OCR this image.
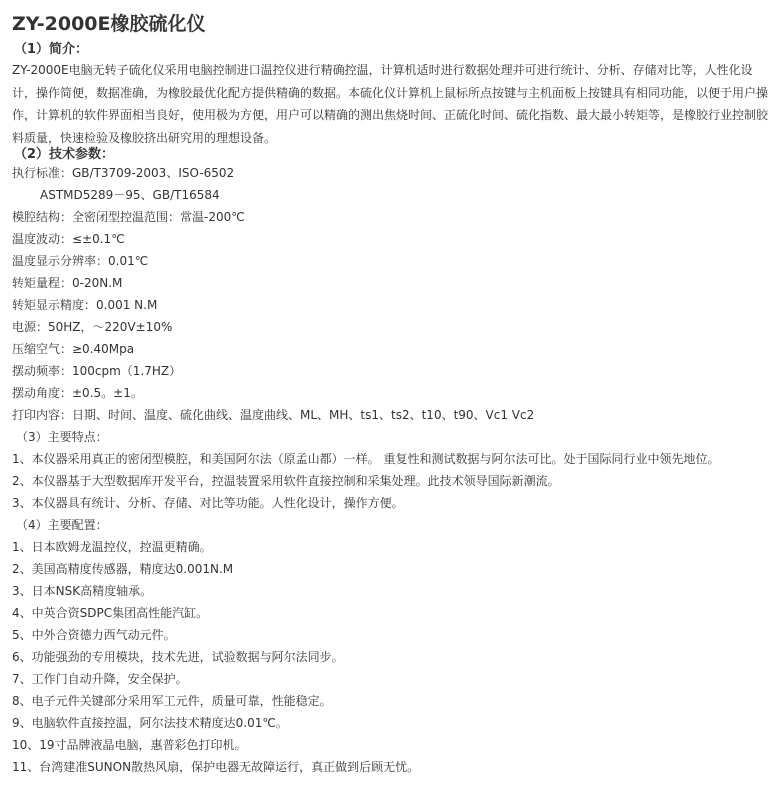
ZY-2000E橡胶硫化仪
（1）简介：
ZY-2000E电脑无转子硫化仪采用电脑控制进口温控仪进行精确控温，计算机适时进行数据处理并可进行统计、分析、存储对比等，人性化设计，操作简便，数据准确，为橡胶最优化配方提供精确的数据。本硫化仪计算机上鼠标所点按键与主机面板上按键具有相同功能，以便于用户操作，计算机的软件界面相当良好，使用极为方便，用户可以精确的测出焦烧时间、正硫化时间、硫化指数、最大最小转矩等，是橡胶行业控制胶料质量，快速检验及橡胶挤出研究用的理想设备。
（2）技术参数：
执行标准：GB/T3709-2003、ISO-6502
ASTMD5289－95、GB/T16584
模腔结构：全密闭型控温范围：常温-200℃
温度波动：≤±0.1℃
温度显示分辨率：0.01℃
转矩量程：0-20N.M
转矩显示精度：0.001 N.M
电源：50HZ，～220V±10%
压缩空气：≥0.40Mpa
摆动频率：100cpm（1.7HZ）
摆动角度：±0.5。±1。
打印内容：日期、时间、温度、硫化曲线、温度曲线、ML、MH、ts1、ts2、t10、t90、Vc1 Vc2
（3）主要特点：
1、本仪器采用真正的密闭型模腔，和美国阿尔法（原孟山都）一样。 重复性和测试数据与阿尔法可比。处于国际同行业中领先地位。
2、本仪器基于大型数据库开发平台，控温装置采用软件直接控制和采集处理。此技术领导国际新潮流。
3、本仪器具有统计、分析、存储、对比等功能。人性化设计，操作方便。
（4）主要配置：
1、日本欧姆龙温控仪，控温更精确。
2、美国高精度传感器，精度达0.001N.M
3、日本NSK高精度轴承。
4、中英合资SDPC集团高性能汽缸。
5、中外合资德力西气动元件。
6、功能强劲的专用模块，技术先进，试验数据与阿尔法同步。
7、工作门自动升降，安全保护。
8、电子元件关键部分采用军工元件，质量可靠，性能稳定。
9、电脑软件直接控温，阿尔法技术精度达0.01℃。
10、19寸品牌液晶电脑，惠普彩色打印机。
11、台湾建准SUNON散热风扇，保护电器无故障运行，真正做到后顾无忧。
